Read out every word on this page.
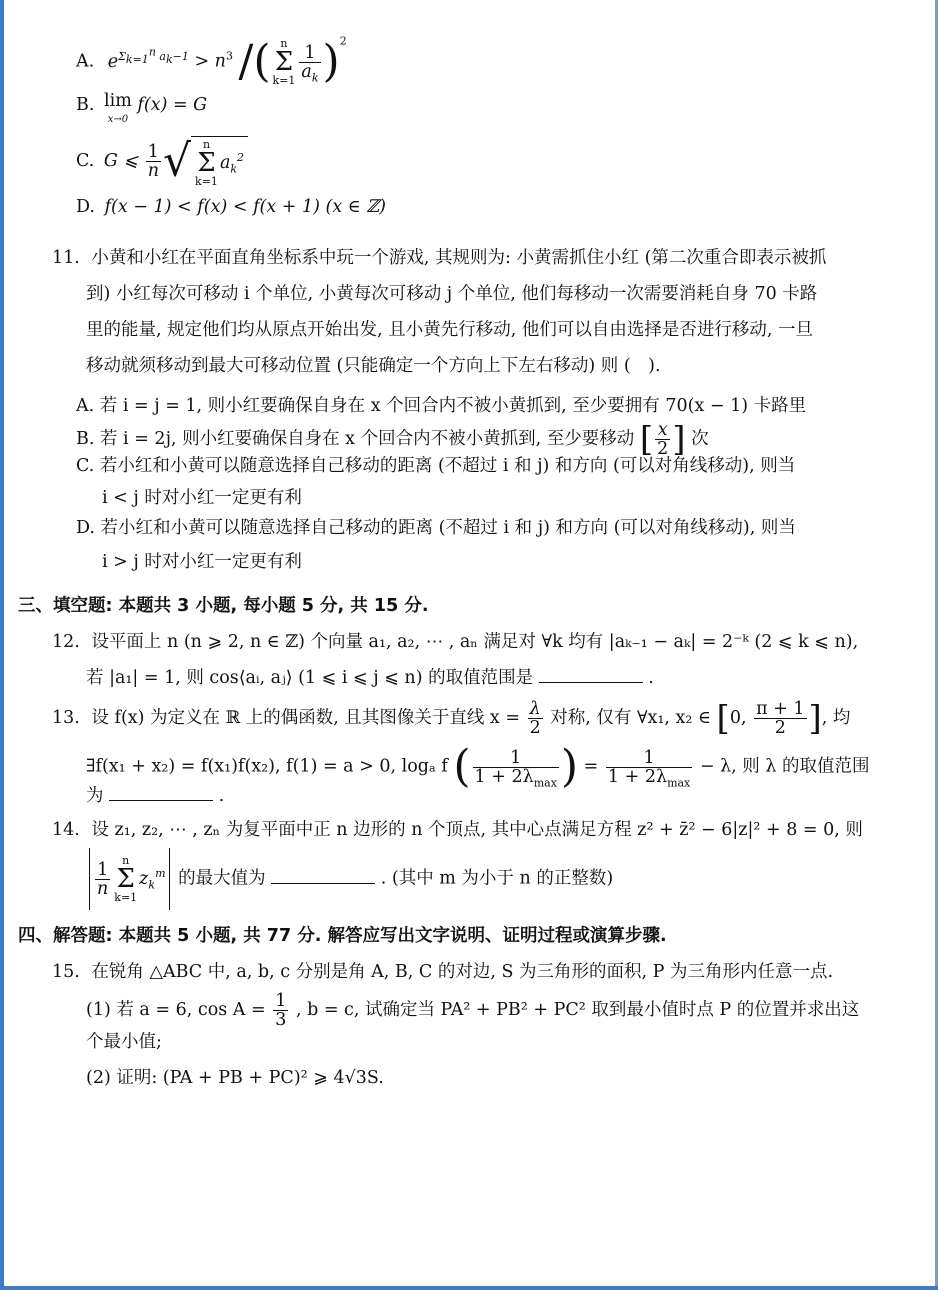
A. $e^{\Sigma_{k=1}^n a_k-1} > n^3$ /( n
Σ
$k=1 \frac{1}{a_k} )^2$
B. lim
x→0 f(x) = G
C. G ⩽ $\frac{1}{n}$ √ n
Σ
$k=1a_k^2$
D. f(x − 1) < f(x) < f(x + 1) (x ∈ ℤ)
11. 小黄和小红在平面直角坐标系中玩一个游戏, 其规则为: 小黄需抓住小红 (第二次重合即表示被抓
到) 小红每次可移动 i 个单位, 小黄每次可移动 j 个单位, 他们每移动一次需要消耗自身 70 卡路
里的能量, 规定他们均从原点开始出发, 且小黄先行移动, 他们可以自由选择是否进行移动, 一旦
移动就须移动到最大可移动位置 (只能确定一个方向上下左右移动) 则 (　).
A. 若 i = j = 1, 则小红要确保自身在 x 个回合内不被小黄抓到, 至少要拥有 70(x − 1) 卡路里
B. 若 i = 2j, 则小红要确保自身在 x 个回合内不被小黄抓到, 至少要移动 [ $\frac{x}{2}$ ] 次
C. 若小红和小黄可以随意选择自己移动的距离 (不超过 i 和 j) 和方向 (可以对角线移动), 则当
i < j 时对小红一定更有利
D. 若小红和小黄可以随意选择自己移动的距离 (不超过 i 和 j) 和方向 (可以对角线移动), 则当
i > j 时对小红一定更有利
三、填空题: 本题共 3 小题, 每小题 5 分, 共 15 分.
12. 设平面上 n (n ⩾ 2, n ∈ ℤ) 个向量 a₁, a₂, ⋯ , aₙ 满足对 ∀k 均有 |aₖ₋₁ − aₖ| = 2⁻ᵏ (2 ⩽ k ⩽ n),
若 |a₁| = 1, 则 cos⟨aᵢ, aⱼ⟩ (1 ⩽ i ⩽ j ⩽ n) 的取值范围是	.
13. 设 f(x) 为定义在 ℝ 上的偶函数, 且其图像关于直线 $x = \frac{\lambda}{2}$ 对称, 仅有 ∀x₁, x₂ ∈ [0, $\frac{\pi + 1}{2}$ ], 均
∃f(x₁ + x₂) = f(x₁)f(x₂), f(1) = a > 0, logₐ f ( $\frac{1}{1 + 2\lambda_{max}}$ ) = $\frac{1}{1 + 2\lambda_{max}} - \lambda$, 则 λ 的取值范围
为	.
14. 设 z₁, z₂, ⋯ , zₙ 为复平面中正 n 边形的 n 个顶点, 其中心点满足方程 z² + z̄² − 6|z|² + 8 = 0, 则
$\frac{1}{n}$ n
Σ
$k=1z_k^m$ 的最大值为	. (其中 m 为小于 n 的正整数)
四、解答题: 本题共 5 小题, 共 77 分. 解答应写出文字说明、证明过程或演算步骤.
15. 在锐角 △ABC 中, a, b, c 分别是角 A, B, C 的对边, S 为三角形的面积, P 为三角形内任意一点.
(1) 若 a = 6, $\cos A = \frac{1}{3}$ , b = c, 试确定当 PA² + PB² + PC² 取到最小值时点 P 的位置并求出这
个最小值;
(2) 证明: (PA + PB + PC)² ⩾ 4√3S.
